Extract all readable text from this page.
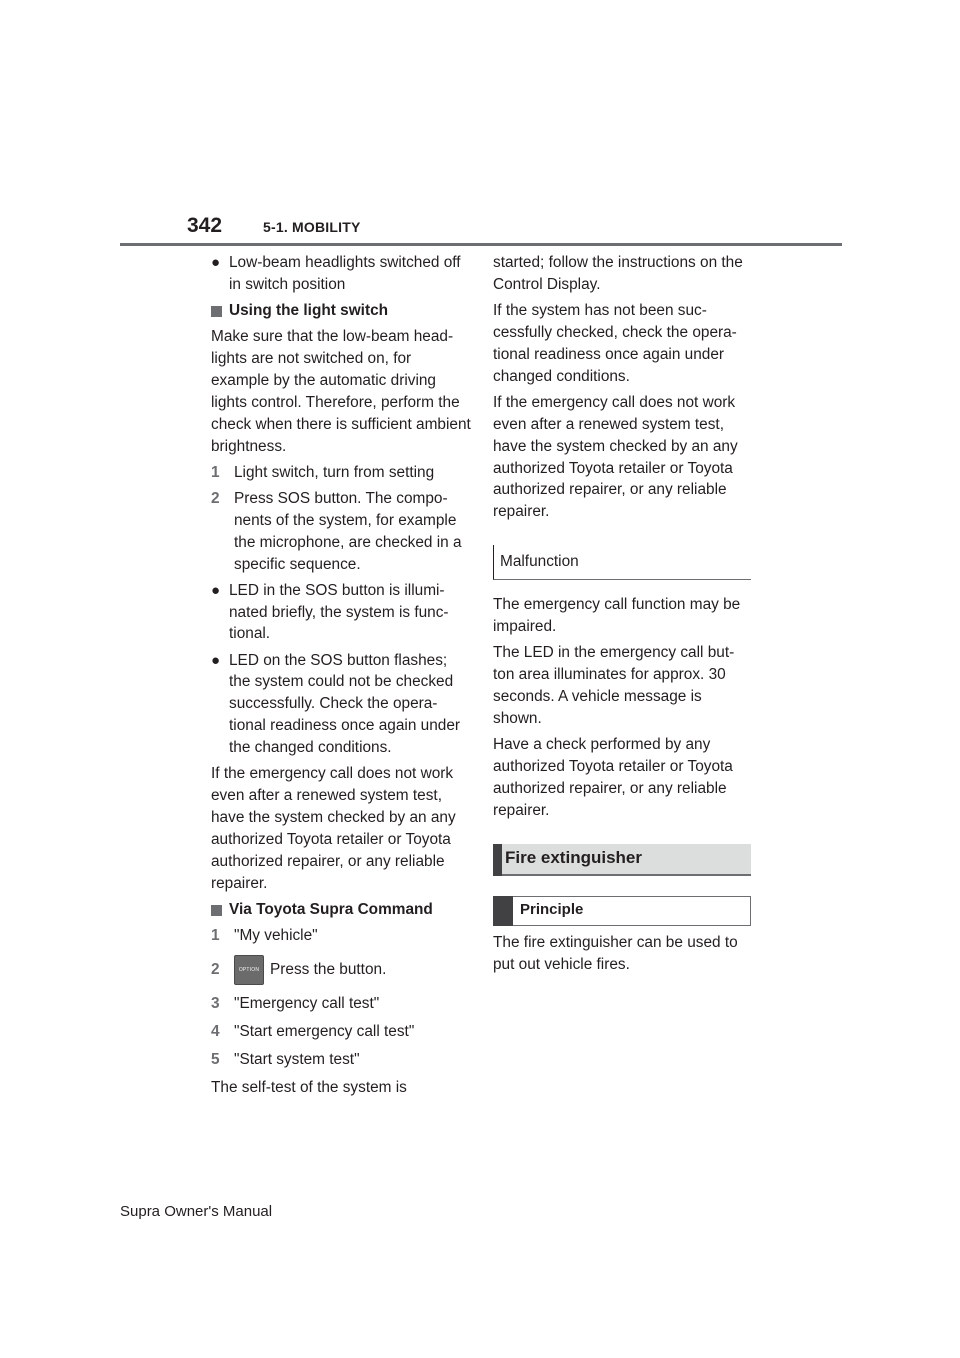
342	5-1. MOBILITY
● Low-beam headlights switched off in switch position
Using the light switch

Make sure that the low-beam head-lights are not switched on, for example by the automatic driving lights control. Therefore, perform the check when there is sufficient ambient brightness.

1 Light switch, turn from setting
2 Press SOS button. The compo-nents of the system, for example the microphone, are checked in a specific sequence.
● LED in the SOS button is illumi-nated briefly, the system is func-tional.
● LED on the SOS button flashes; the system could not be checked successfully. Check the opera-tional readiness once again under the changed conditions.

If the emergency call does not work even after a renewed system test, have the system checked by an any authorized Toyota retailer or Toyota authorized repairer, or any reliable repairer.

Via Toyota Supra Command
1 "My vehicle"
2	OPTION Press the button.
3 "Emergency call test"
4 "Start emergency call test"
5 "Start system test"

The self-test of the system is

started; follow the instructions on the Control Display.

If the system has not been suc-cessfully checked, check the opera-tional readiness once again under changed conditions.

If the emergency call does not work even after a renewed system test, have the system checked by an any authorized Toyota retailer or Toyota authorized repairer, or any reliable repairer.

Malfunction

The emergency call function may be impaired.

The LED in the emergency call but-ton area illuminates for approx. 30 seconds. A vehicle message is shown.

Have a check performed by any authorized Toyota retailer or Toyota authorized repairer, or any reliable repairer.

Fire extinguisher
Principle

The fire extinguisher can be used to put out vehicle fires.

Supra Owner's Manual
